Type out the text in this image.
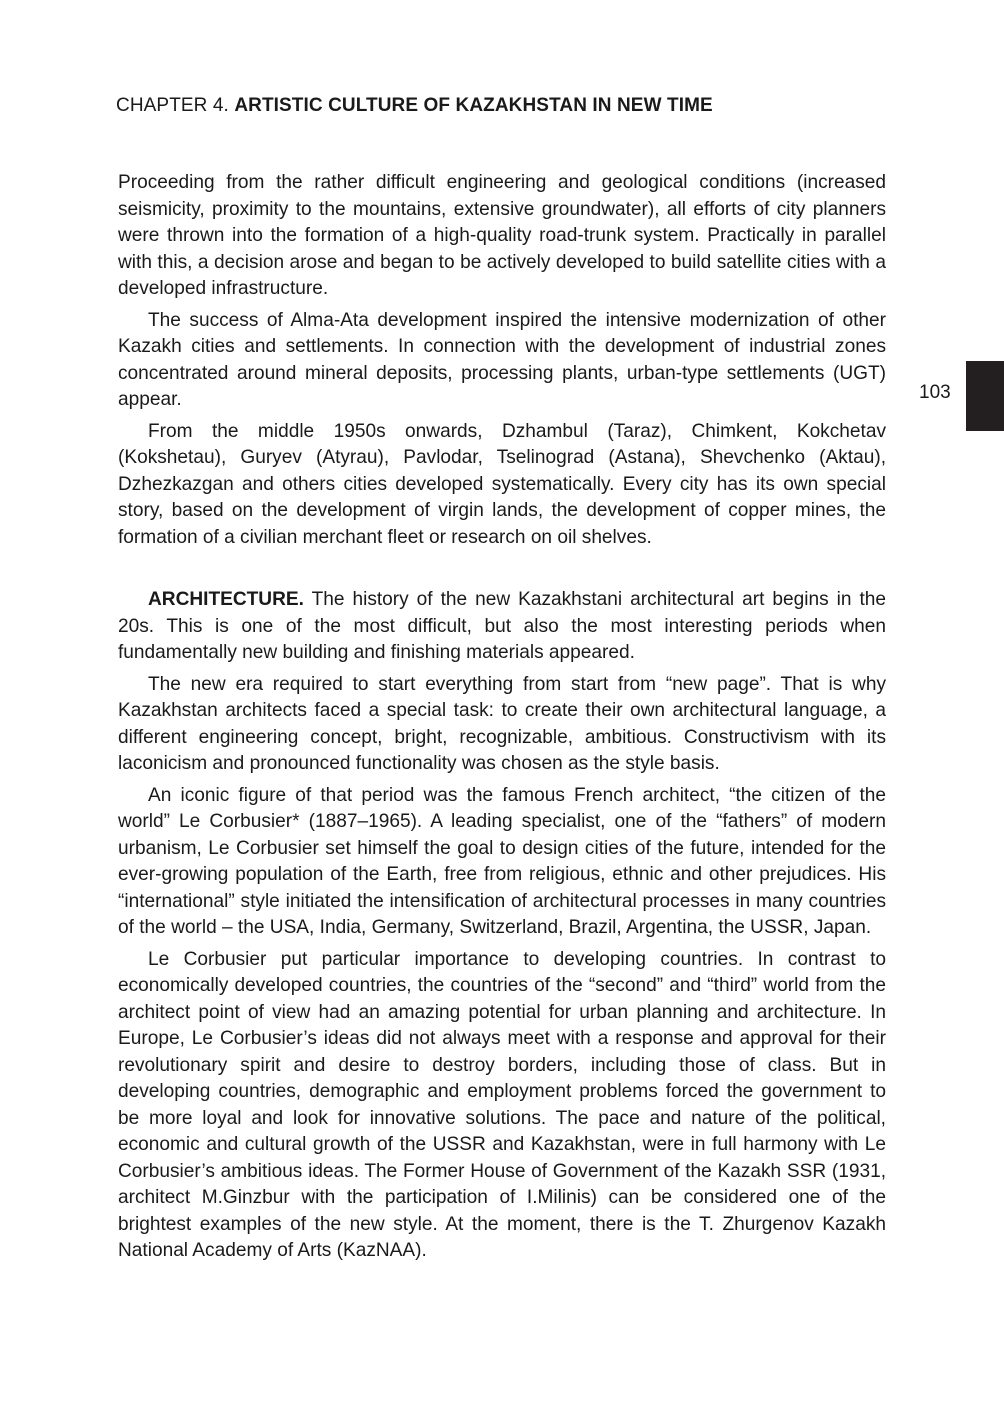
CHAPTER 4. ARTISTIC CULTURE OF KAZAKHSTAN IN NEW TIME
103

Proceeding from the rather difficult engineering and geological conditions (increased seismicity, proximity to the mountains, extensive groundwater), all efforts of city planners were thrown into the formation of a high-quality road-trunk system. Practically in parallel with this, a decision arose and began to be actively developed to build satellite cities with a developed infrastructure.

The success of Alma-Ata development inspired the intensive modernization of other Kazakh cities and settlements. In connection with the development of industrial zones concentrated around mineral deposits, processing plants, urban-type settlements (UGT) appear.

From the middle 1950s onwards, Dzhambul (Taraz), Chimkent, Kokchetav (Kokshetau), Guryev (Atyrau), Pavlodar, Tselinograd (Astana), Shevchenko (Aktau), Dzhezkazgan and others cities developed systematically. Every city has its own special story, based on the development of virgin lands, the development of copper mines, the formation of a civilian merchant fleet or research on oil shelves.

ARCHITECTURE. The history of the new Kazakhstani architectural art begins in the 20s. This is one of the most difficult, but also the most interesting periods when fundamentally new building and finishing materials appeared.

The new era required to start everything from start from “new page”. That is why Kazakhstan architects faced a special task: to create their own architectural language, a different engineering concept, bright, recognizable, ambitious. Constructivism with its laconicism and pronounced functionality was chosen as the style basis.

An iconic figure of that period was the famous French architect, “the citizen of the world” Le Corbusier* (1887–1965). A leading specialist, one of the “fathers” of modern urbanism, Le Corbusier set himself the goal to design cities of the future, intended for the ever-growing population of the Earth, free from religious, ethnic and other prejudices. His “international” style initiated the intensification of architectural processes in many countries of the world – the USA, India, Germany, Switzerland, Brazil, Argentina, the USSR, Japan.

Le Corbusier put particular importance to developing countries. In contrast to economically developed countries, the countries of the “second” and “third” world from the architect point of view had an amazing potential for urban planning and architecture. In Europe, Le Corbusier’s ideas did not always meet with a response and approval for their revolutionary spirit and desire to destroy borders, including those of class. But in developing countries, demographic and employment problems forced the government to be more loyal and look for innovative solutions. The pace and nature of the political, economic and cultural growth of the USSR and Kazakhstan, were in full harmony with Le Corbusier’s ambitious ideas. The Former House of Government of the Kazakh SSR (1931, architect M.Ginzbur with the participation of I.Milinis) can be considered one of the brightest examples of the new style. At the moment, there is the T. Zhurgenov Kazakh National Academy of Arts (KazNAA).
